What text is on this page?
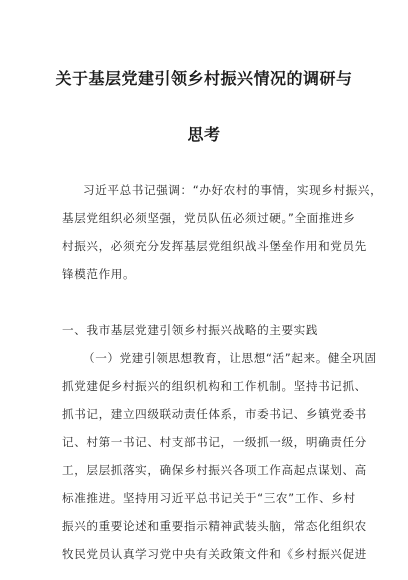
关于基层党建引领乡村振兴情况的调研与
思考
习近平总书记强调：“办好农村的事情，实现乡村振兴，
基层党组织必须坚强，党员队伍必须过硬。”全面推进乡
村振兴，必须充分发挥基层党组织战斗堡垒作用和党员先
锋模范作用。
一、我市基层党建引领乡村振兴战略的主要实践
（一）党建引领思想教育，让思想“活”起来。健全巩固
抓党建促乡村振兴的组织机构和工作机制。坚持书记抓、
抓书记，建立四级联动责任体系，市委书记、乡镇党委书
记、村第一书记、村支部书记，一级抓一级，明确责任分
工，层层抓落实，确保乡村振兴各项工作高起点谋划、高
标准推进。坚持用习近平总书记关于“三农”工作、乡村
振兴的重要论述和重要指示精神武装头脑，常态化组织农
牧民党员认真学习党中央有关政策文件和《乡村振兴促进
